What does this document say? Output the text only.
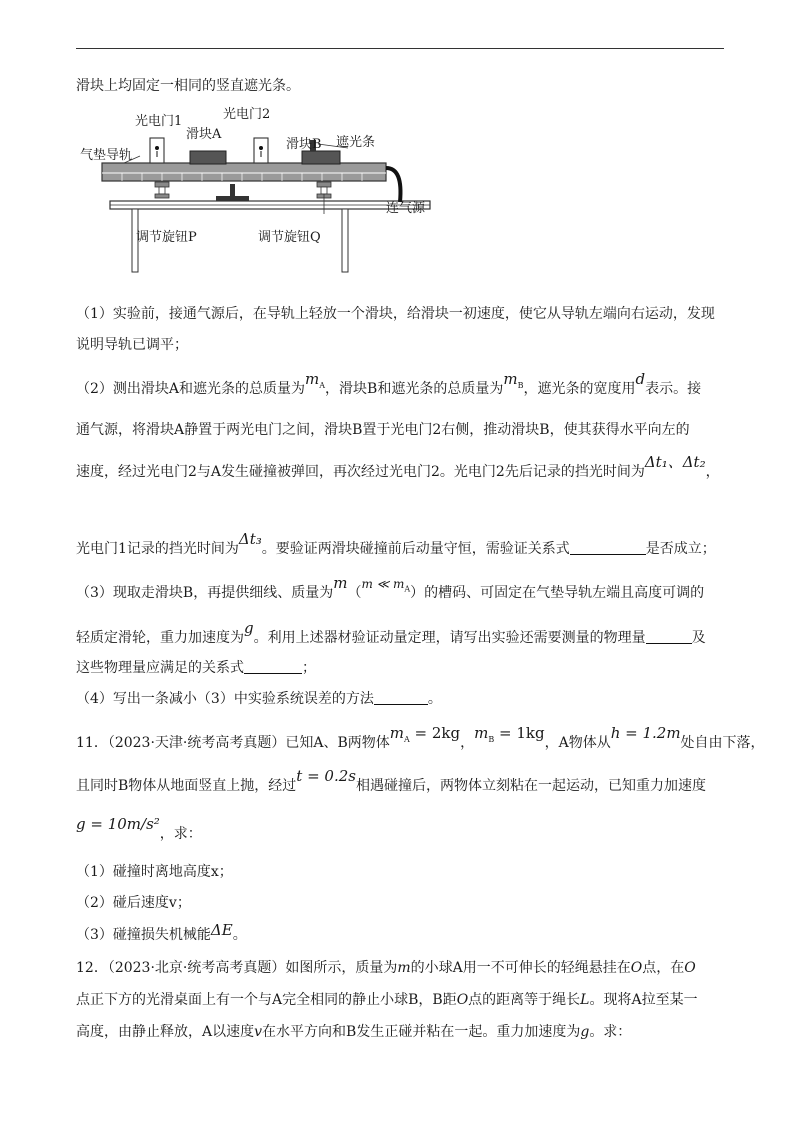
滑块上均固定一相同的竖直遮光条。
光电门1	光电门2
滑块A
滑块B 遮光条
气垫导轨
连气源
调节旋钮P	调节旋钮Q
（1）实验前，接通气源后，在导轨上轻放一个滑块，给滑块一初速度，使它从导轨左端向右运动，发现
说明导轨已调平；
（2）测出滑块A和遮光条的总质量为$m_A$，滑块B和遮光条的总质量为$m_B$，遮光条的宽度用d表示。接
通气源，将滑块A静置于两光电门之间，滑块B置于光电门2右侧，推动滑块B，使其获得水平向左的
速度，经过光电门2与A发生碰撞被弹回，再次经过光电门2。光电门2先后记录的挡光时间为Δt₁、Δt₂，
光电门1记录的挡光时间为Δt₃。要验证两滑块碰撞前后动量守恒，需验证关系式	是否成立；
（3）现取走滑块B，再提供细线、质量为m（m ≪ $m_A$）的槽码、可固定在气垫导轨左端且高度可调的
轻质定滑轮，重力加速度为g。利用上述器材验证动量定理，请写出实验还需要测量的物理量	及
这些物理量应满足的关系式	；
（4）写出一条减小（3）中实验系统误差的方法	。
11．（2023·天津·统考高考真题）已知A、B两物体$m_A = 2kg$，$m_B = 1kg$，A物体从h = 1.2m处自由下落，
且同时B物体从地面竖直上抛，经过t = 0.2s相遇碰撞后，两物体立刻粘在一起运动，已知重力加速度
g = 10m/s²，求：
（1）碰撞时离地高度x；
（2）碰后速度v；
（3）碰撞损失机械能ΔE。
12．（2023·北京·统考高考真题）如图所示，质量为m的小球A用一不可伸长的轻绳悬挂在O点，在O
点正下方的光滑桌面上有一个与A完全相同的静止小球B，B距O点的距离等于绳长L。现将A拉至某一
高度，由静止释放，A以速度v在水平方向和B发生正碰并粘在一起。重力加速度为g。求：
